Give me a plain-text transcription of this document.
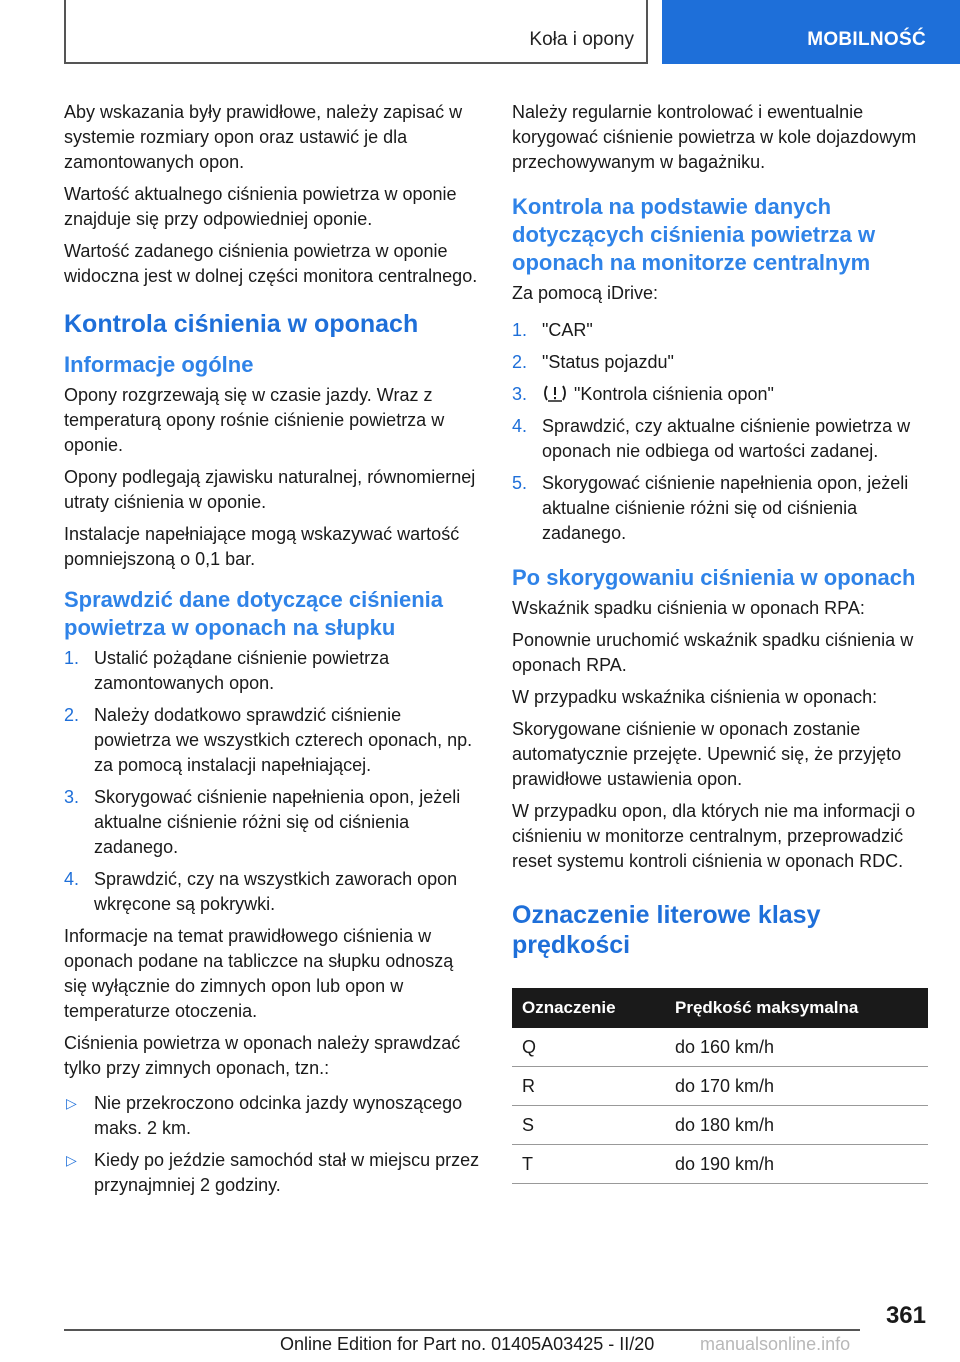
Koła i opony	MOBILNOŚĆ

Aby wskazania były prawidłowe, należy zapisać w systemie rozmiary opon oraz ustawić je dla zamontowanych opon.

Wartość aktualnego ciśnienia powietrza w oponie znajduje się przy odpowiedniej oponie.

Wartość zadanego ciśnienia powietrza w oponie widoczna jest w dolnej części monitora centralnego.

Kontrola ciśnienia w oponach
Informacje ogólne

Opony rozgrzewają się w czasie jazdy. Wraz z temperaturą opony rośnie ciśnienie powietrza w oponie.

Opony podlegają zjawisku naturalnej, równomiernej utraty ciśnienia w oponie.

Instalacje napełniające mogą wskazywać wartość pomniejszoną o 0,1 bar.

Sprawdzić dane dotyczące ciśnienia powietrza w oponach na słupku
1. Ustalić pożądane ciśnienie powietrza zamontowanych opon.
2. Należy dodatkowo sprawdzić ciśnienie powietrza we wszystkich czterech oponach, np. za pomocą instalacji napełniającej.
3. Skorygować ciśnienie napełnienia opon, jeżeli aktualne ciśnienie różni się od ciśnienia zadanego.
4. Sprawdzić, czy na wszystkich zaworach opon wkręcone są pokrywki.

Informacje na temat prawidłowego ciśnienia w oponach podane na tabliczce na słupku odnoszą się wyłącznie do zimnych opon lub opon w temperaturze otoczenia.

Ciśnienia powietrza w oponach należy sprawdzać tylko przy zimnych oponach, tzn.:

▷ Nie przekroczono odcinka jazdy wynoszącego maks. 2 km.
▷ Kiedy po jeździe samochód stał w miejscu przez przynajmniej 2 godziny.

Należy regularnie kontrolować i ewentualnie korygować ciśnienie powietrza w kole dojazdowym przechowywanym w bagażniku.

Kontrola na podstawie danych dotyczących ciśnienia powietrza w oponach na monitorze centralnym

Za pomocą iDrive:

1. "CAR"
2. "Status pojazdu"
3.	"Kontrola ciśnienia opon"
4. Sprawdzić, czy aktualne ciśnienie powietrza w oponach nie odbiega od wartości zadanej.
5. Skorygować ciśnienie napełnienia opon, jeżeli aktualne ciśnienie różni się od ciśnienia zadanego.
Po skorygowaniu ciśnienia w oponach

Wskaźnik spadku ciśnienia w oponach RPA:

Ponownie uruchomić wskaźnik spadku ciśnienia w oponach RPA.

W przypadku wskaźnika ciśnienia w oponach:

Skorygowane ciśnienie w oponach zostanie automatycznie przejęte. Upewnić się, że przyjęto prawidłowe ustawienia opon.

W przypadku opon, dla których nie ma informacji o ciśnieniu w monitorze centralnym, przeprowadzić reset systemu kontroli ciśnienia w oponach RDC.

Oznaczenie literowe klasy prędkości
Oznaczenie	Prędkość maksymalna
Q	do 160 km/h
R	do 170 km/h
S	do 180 km/h
T	do 190 km/h
361
Online Edition for Part no. 01405A03425 - II/20	manualsonline.info
